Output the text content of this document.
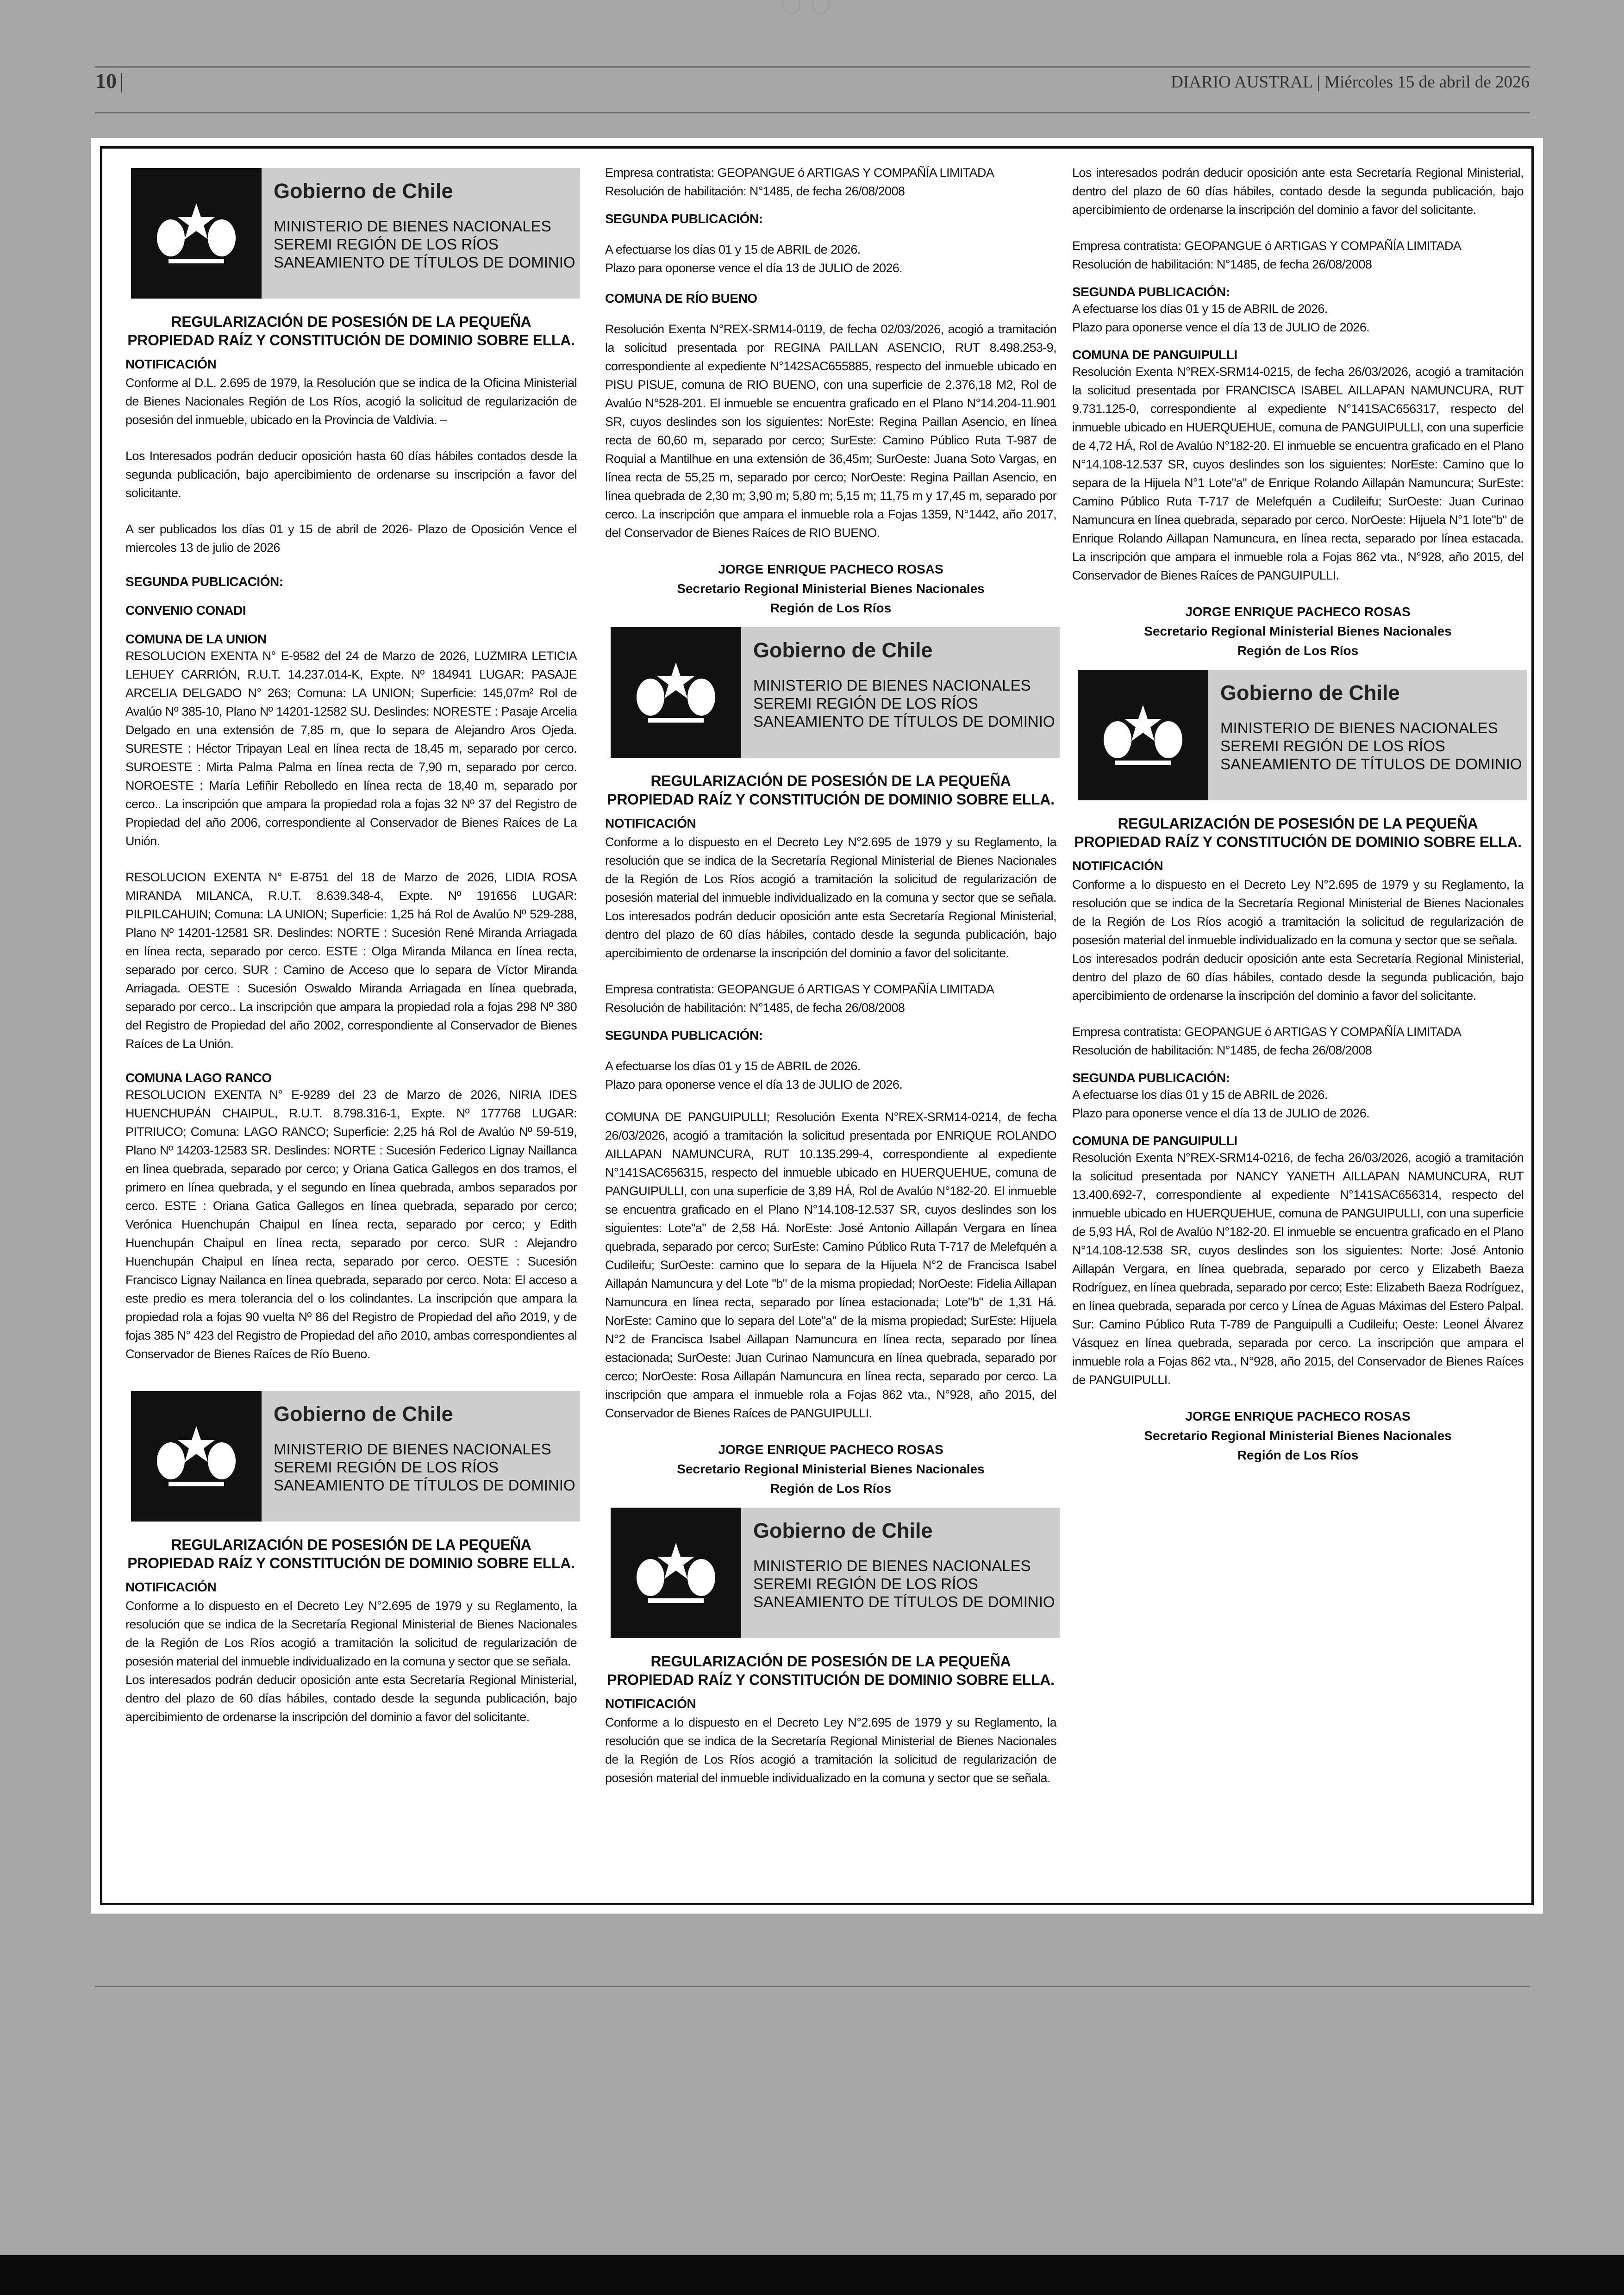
10 |	DIARIO AUSTRAL | Miércoles 15 de abril de 2026
Gobierno de Chile
MINISTERIO DE BIENES NACIONALES
SEREMI REGIÓN DE LOS RÍOS
SANEAMIENTO DE TÍTULOS DE DOMINIO
REGULARIZACIÓN DE POSESIÓN DE LA PEQUEÑA
PROPIEDAD RAÍZ Y CONSTITUCIÓN DE DOMINIO SOBRE ELLA.
NOTIFICACIÓN
Conforme al D.L. 2.695 de 1979, la Resolución que se indica de la Oficina Ministerial de Bienes Nacionales Región de Los Ríos, acogió la solicitud de regularización de posesión del inmueble, ubicado en la Provincia de Valdivia. –
Los Interesados podrán deducir oposición hasta 60 días hábiles contados desde la segunda publicación, bajo apercibimiento de ordenarse su inscripción a favor del solicitante.
A ser publicados los días 01 y 15 de abril de 2026- Plazo de Oposición Vence el miercoles 13 de julio de 2026
SEGUNDA PUBLICACIÓN:
CONVENIO CONADI
COMUNA DE LA UNION
RESOLUCION EXENTA N° E-9582 del 24 de Marzo de 2026, LUZMIRA LETICIA LEHUEY CARRIÓN, R.U.T. 14.237.014-K, Expte. Nº 184941 LUGAR: PASAJE ARCELIA DELGADO N° 263; Comuna: LA UNION; Superficie: 145,07m² Rol de Avalúo Nº 385-10, Plano Nº 14201-12582 SU. Deslindes: NORESTE : Pasaje Arcelia Delgado en una extensión de 7,85 m, que lo separa de Alejandro Aros Ojeda. SURESTE : Héctor Tripayan Leal en línea recta de 18,45 m, separado por cerco. SUROESTE : Mirta Palma Palma en línea recta de 7,90 m, separado por cerco. NOROESTE : María Lefiñir Rebolledo en línea recta de 18,40 m, separado por cerco.. La inscripción que ampara la propiedad rola a fojas 32 Nº 37 del Registro de Propiedad del año 2006, correspondiente al Conservador de Bienes Raíces de La Unión.
RESOLUCION EXENTA N° E-8751 del 18 de Marzo de 2026, LIDIA ROSA MIRANDA MILANCA, R.U.T. 8.639.348-4, Expte. Nº 191656 LUGAR: PILPILCAHUIN; Comuna: LA UNION; Superficie: 1,25 há Rol de Avalúo Nº 529-288, Plano Nº 14201-12581 SR. Deslindes: NORTE : Sucesión René Miranda Arriagada en línea recta, separado por cerco. ESTE : Olga Miranda Milanca en línea recta, separado por cerco. SUR : Camino de Acceso que lo separa de Víctor Miranda Arriagada. OESTE : Sucesión Oswaldo Miranda Arriagada en línea quebrada, separado por cerco.. La inscripción que ampara la propiedad rola a fojas 298 Nº 380 del Registro de Propiedad del año 2002, correspondiente al Conservador de Bienes Raíces de La Unión.
COMUNA LAGO RANCO
RESOLUCION EXENTA N° E-9289 del 23 de Marzo de 2026, NIRIA IDES HUENCHUPÁN CHAIPUL, R.U.T. 8.798.316-1, Expte. Nº 177768 LUGAR: PITRIUCO; Comuna: LAGO RANCO; Superficie: 2,25 há Rol de Avalúo Nº 59-519, Plano Nº 14203-12583 SR. Deslindes: NORTE : Sucesión Federico Lignay Naillanca en línea quebrada, separado por cerco; y Oriana Gatica Gallegos en dos tramos, el primero en línea quebrada, y el segundo en línea quebrada, ambos separados por cerco. ESTE : Oriana Gatica Gallegos en línea quebrada, separado por cerco; Verónica Huenchupán Chaipul en línea recta, separado por cerco; y Edith Huenchupán Chaipul en línea recta, separado por cerco. SUR : Alejandro Huenchupán Chaipul en línea recta, separado por cerco. OESTE : Sucesión Francisco Lignay Nailanca en línea quebrada, separado por cerco. Nota: El acceso a este predio es mera tolerancia del o los colindantes. La inscripción que ampara la propiedad rola a fojas 90 vuelta Nº 86 del Registro de Propiedad del año 2019, y de fojas 385 N° 423 del Registro de Propiedad del año 2010, ambas correspondientes al Conservador de Bienes Raíces de Río Bueno.
Gobierno de Chile
MINISTERIO DE BIENES NACIONALES
SEREMI REGIÓN DE LOS RÍOS
SANEAMIENTO DE TÍTULOS DE DOMINIO
REGULARIZACIÓN DE POSESIÓN DE LA PEQUEÑA
PROPIEDAD RAÍZ Y CONSTITUCIÓN DE DOMINIO SOBRE ELLA.
NOTIFICACIÓN
Conforme a lo dispuesto en el Decreto Ley N°2.695 de 1979 y su Reglamento, la resolución que se indica de la Secretaría Regional Ministerial de Bienes Nacionales de la Región de Los Ríos acogió a tramitación la solicitud de regularización de posesión material del inmueble individualizado en la comuna y sector que se señala.
Los interesados podrán deducir oposición ante esta Secretaría Regional Ministerial, dentro del plazo de 60 días hábiles, contado desde la segunda publicación, bajo apercibimiento de ordenarse la inscripción del dominio a favor del solicitante.
Empresa contratista: GEOPANGUE ó ARTIGAS Y COMPAÑÍA LIMITADA
Resolución de habilitación: N°1485, de fecha 26/08/2008
SEGUNDA PUBLICACIÓN:
A efectuarse los días 01 y 15 de ABRIL de 2026.
Plazo para oponerse vence el día 13 de JULIO de 2026.
COMUNA DE RÍO BUENO
Resolución Exenta N°REX-SRM14-0119, de fecha 02/03/2026, acogió a tramitación la solicitud presentada por REGINA PAILLAN ASENCIO, RUT 8.498.253-9, correspondiente al expediente N°142SAC655885, respecto del inmueble ubicado en PISU PISUE, comuna de RIO BUENO, con una superficie de 2.376,18 M2, Rol de Avalúo N°528-201. El inmueble se encuentra graficado en el Plano N°14.204-11.901 SR, cuyos deslindes son los siguientes: NorEste: Regina Paillan Asencio, en línea recta de 60,60 m, separado por cerco; SurEste: Camino Público Ruta T-987 de Roquial a Mantilhue en una extensión de 36,45m; SurOeste: Juana Soto Vargas, en línea recta de 55,25 m, separado por cerco; NorOeste: Regina Paillan Asencio, en línea quebrada de 2,30 m; 3,90 m; 5,80 m; 5,15 m; 11,75 m y 17,45 m, separado por cerco. La inscripción que ampara el inmueble rola a Fojas 1359, N°1442, año 2017, del Conservador de Bienes Raíces de RIO BUENO.
JORGE ENRIQUE PACHECO ROSAS
Secretario Regional Ministerial Bienes Nacionales
Región de Los Ríos
Gobierno de Chile
MINISTERIO DE BIENES NACIONALES
SEREMI REGIÓN DE LOS RÍOS
SANEAMIENTO DE TÍTULOS DE DOMINIO
REGULARIZACIÓN DE POSESIÓN DE LA PEQUEÑA
PROPIEDAD RAÍZ Y CONSTITUCIÓN DE DOMINIO SOBRE ELLA.
NOTIFICACIÓN
Conforme a lo dispuesto en el Decreto Ley N°2.695 de 1979 y su Reglamento, la resolución que se indica de la Secretaría Regional Ministerial de Bienes Nacionales de la Región de Los Ríos acogió a tramitación la solicitud de regularización de posesión material del inmueble individualizado en la comuna y sector que se señala. Los interesados podrán deducir oposición ante esta Secretaría Regional Ministerial, dentro del plazo de 60 días hábiles, contado desde la segunda publicación, bajo apercibimiento de ordenarse la inscripción del dominio a favor del solicitante.
Empresa contratista: GEOPANGUE ó ARTIGAS Y COMPAÑÍA LIMITADA
Resolución de habilitación: N°1485, de fecha 26/08/2008
SEGUNDA PUBLICACIÓN:
A efectuarse los días 01 y 15 de ABRIL de 2026.
Plazo para oponerse vence el día 13 de JULIO de 2026.
COMUNA DE PANGUIPULLI; Resolución Exenta N°REX-SRM14-0214, de fecha 26/03/2026, acogió a tramitación la solicitud presentada por ENRIQUE ROLANDO AILLAPAN NAMUNCURA, RUT 10.135.299-4, correspondiente al expediente N°141SAC656315, respecto del inmueble ubicado en HUERQUEHUE, comuna de PANGUIPULLI, con una superficie de 3,89 HÁ, Rol de Avalúo N°182-20. El inmueble se encuentra graficado en el Plano N°14.108-12.537 SR, cuyos deslindes son los siguientes: Lote"a" de 2,58 Há. NorEste: José Antonio Aillapán Vergara en línea quebrada, separado por cerco; SurEste: Camino Público Ruta T-717 de Melefquén a Cudileifu; SurOeste: camino que lo separa de la Hijuela N°2 de Francisca Isabel Aillapán Namuncura y del Lote "b" de la misma propiedad; NorOeste: Fidelia Aillapan Namuncura en línea recta, separado por línea estacionada; Lote"b" de 1,31 Há. NorEste: Camino que lo separa del Lote"a" de la misma propiedad; SurEste: Hijuela N°2 de Francisca Isabel Aillapan Namuncura en línea recta, separado por línea estacionada; SurOeste: Juan Curinao Namuncura en línea quebrada, separado por cerco; NorOeste: Rosa Aillapán Namuncura en línea recta, separado por cerco. La inscripción que ampara el inmueble rola a Fojas 862 vta., N°928, año 2015, del Conservador de Bienes Raíces de PANGUIPULLI.
JORGE ENRIQUE PACHECO ROSAS
Secretario Regional Ministerial Bienes Nacionales
Región de Los Ríos
Gobierno de Chile
MINISTERIO DE BIENES NACIONALES
SEREMI REGIÓN DE LOS RÍOS
SANEAMIENTO DE TÍTULOS DE DOMINIO
REGULARIZACIÓN DE POSESIÓN DE LA PEQUEÑA
PROPIEDAD RAÍZ Y CONSTITUCIÓN DE DOMINIO SOBRE ELLA.
NOTIFICACIÓN
Conforme a lo dispuesto en el Decreto Ley N°2.695 de 1979 y su Reglamento, la resolución que se indica de la Secretaría Regional Ministerial de Bienes Nacionales de la Región de Los Ríos acogió a tramitación la solicitud de regularización de posesión material del inmueble individualizado en la comuna y sector que se señala.
Los interesados podrán deducir oposición ante esta Secretaría Regional Ministerial, dentro del plazo de 60 días hábiles, contado desde la segunda publicación, bajo apercibimiento de ordenarse la inscripción del dominio a favor del solicitante.
Empresa contratista: GEOPANGUE ó ARTIGAS Y COMPAÑÍA LIMITADA
Resolución de habilitación: N°1485, de fecha 26/08/2008
SEGUNDA PUBLICACIÓN:
A efectuarse los días 01 y 15 de ABRIL de 2026.
Plazo para oponerse vence el día 13 de JULIO de 2026.
COMUNA DE PANGUIPULLI
Resolución Exenta N°REX-SRM14-0215, de fecha 26/03/2026, acogió a tramitación la solicitud presentada por FRANCISCA ISABEL AILLAPAN NAMUNCURA, RUT 9.731.125-0, correspondiente al expediente N°141SAC656317, respecto del inmueble ubicado en HUERQUEHUE, comuna de PANGUIPULLI, con una superficie de 4,72 HÁ, Rol de Avalúo N°182-20. El inmueble se encuentra graficado en el Plano N°14.108-12.537 SR, cuyos deslindes son los siguientes: NorEste: Camino que lo separa de la Hijuela N°1 Lote"a" de Enrique Rolando Aillapán Namuncura; SurEste: Camino Público Ruta T-717 de Melefquén a Cudileifu; SurOeste: Juan Curinao Namuncura en línea quebrada, separado por cerco. NorOeste: Hijuela N°1 lote"b" de Enrique Rolando Aillapan Namuncura, en línea recta, separado por línea estacada. La inscripción que ampara el inmueble rola a Fojas 862 vta., N°928, año 2015, del Conservador de Bienes Raíces de PANGUIPULLI.
JORGE ENRIQUE PACHECO ROSAS
Secretario Regional Ministerial Bienes Nacionales
Región de Los Ríos
Gobierno de Chile
MINISTERIO DE BIENES NACIONALES
SEREMI REGIÓN DE LOS RÍOS
SANEAMIENTO DE TÍTULOS DE DOMINIO
REGULARIZACIÓN DE POSESIÓN DE LA PEQUEÑA
PROPIEDAD RAÍZ Y CONSTITUCIÓN DE DOMINIO SOBRE ELLA.
NOTIFICACIÓN
Conforme a lo dispuesto en el Decreto Ley N°2.695 de 1979 y su Reglamento, la resolución que se indica de la Secretaría Regional Ministerial de Bienes Nacionales de la Región de Los Ríos acogió a tramitación la solicitud de regularización de posesión material del inmueble individualizado en la comuna y sector que se señala.
Los interesados podrán deducir oposición ante esta Secretaría Regional Ministerial, dentro del plazo de 60 días hábiles, contado desde la segunda publicación, bajo apercibimiento de ordenarse la inscripción del dominio a favor del solicitante.
Empresa contratista: GEOPANGUE ó ARTIGAS Y COMPAÑÍA LIMITADA
Resolución de habilitación: N°1485, de fecha 26/08/2008
SEGUNDA PUBLICACIÓN:
A efectuarse los días 01 y 15 de ABRIL de 2026.
Plazo para oponerse vence el día 13 de JULIO de 2026.
COMUNA DE PANGUIPULLI
Resolución Exenta N°REX-SRM14-0216, de fecha 26/03/2026, acogió a tramitación la solicitud presentada por NANCY YANETH AILLAPAN NAMUNCURA, RUT 13.400.692-7, correspondiente al expediente N°141SAC656314, respecto del inmueble ubicado en HUERQUEHUE, comuna de PANGUIPULLI, con una superficie de 5,93 HÁ, Rol de Avalúo N°182-20. El inmueble se encuentra graficado en el Plano N°14.108-12.538 SR, cuyos deslindes son los siguientes: Norte: José Antonio Aillapán Vergara, en línea quebrada, separado por cerco y Elizabeth Baeza Rodríguez, en línea quebrada, separado por cerco; Este: Elizabeth Baeza Rodríguez, en línea quebrada, separada por cerco y Línea de Aguas Máximas del Estero Palpal. Sur: Camino Público Ruta T-789 de Panguipulli a Cudileifu; Oeste: Leonel Álvarez Vásquez en línea quebrada, separada por cerco. La inscripción que ampara el inmueble rola a Fojas 862 vta., N°928, año 2015, del Conservador de Bienes Raíces de PANGUIPULLI.
JORGE ENRIQUE PACHECO ROSAS
Secretario Regional Ministerial Bienes Nacionales
Región de Los Ríos
